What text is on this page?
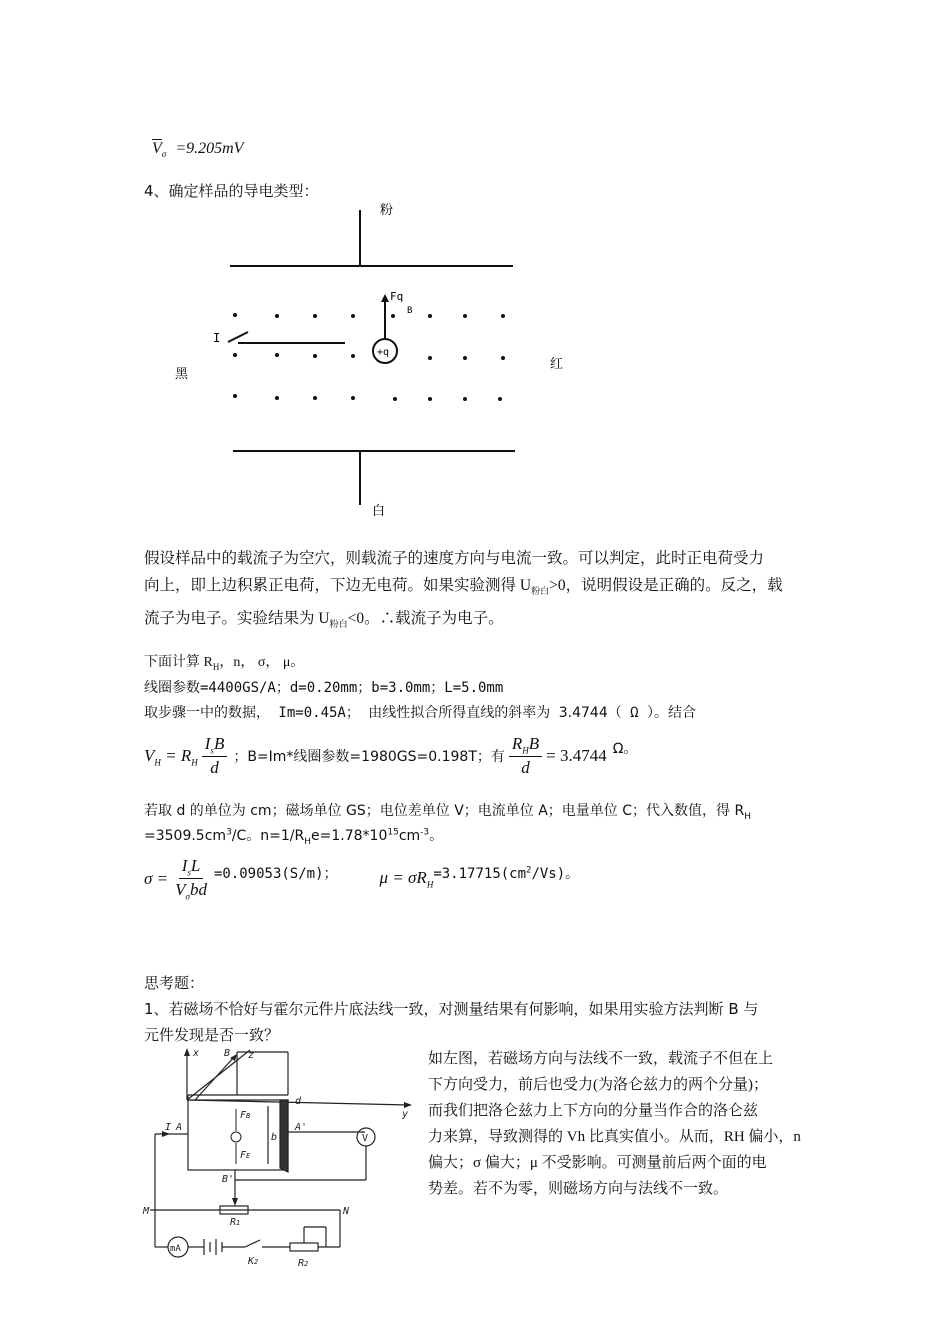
$\overline{V}_\sigma =9.205mV$
4、确定样品的导电类型：
粉
白
黑
红
I
Fq
B
+q
假设样品中的载流子为空穴，则载流子的速度方向与电流一致。可以判定，此时正电荷受力
向上，即上边积累正电荷，下边无电荷。如果实验测得 $U_{粉白}>0$，说明假设是正确的。反之，载
流子为电子。实验结果为 $U_{粉白}<0$。∴载流子为电子。
下面计算 $R_H$，n， σ， μ。
线圈参数=4400GS/A；d=0.20mm；b=3.0mm；L=5.0mm
取步骤一中的数据， Im=0.45A； 由线性拟合所得直线的斜率为 3.4744（ Ω ）。结合
$V_H = R_H \frac{I_sB}{d}$ ；B=Im*线圈参数=1980GS=0.198T；有 $\frac{R_HB}{d} = 3.4744$ Ω。
若取 d 的单位为 cm；磁场单位 GS；电位差单位 V；电流单位 A；电量单位 C；代入数值，得 $R_H$
$=3509.5cm^3/C$。$n=1/R_He=1.78*10^{15}cm^{-3}$。
$\sigma = \frac{I_sL}{V_\sigma bd} =0.09053(S/m)$； $\mu = \sigma R_H$
$=3.17715(cm^2/Vs)$。
思考题：
1、若磁场不恰好与霍尔元件片底法线一致，对测量结果有何影响，如果用实验方法判断 B 与
元件发现是否一致？
如左图，若磁场方向与法线不一致，载流子不但在上
下方向受力，前后也受力(为洛仑兹力的两个分量)；
而我们把洛仑兹力上下方向的分量当作合的洛仑兹
力来算，导致测得的 Vh 比真实值小。从而，RH 偏小，n
偏大；σ 偏大；μ 不受影响。可测量前后两个面的电
势差。若不为零，则磁场方向与法线不一致。
x
y
z
B
d
b
I A	A'
B'
FB
FE
V
M	N
R1
R2
K2
mA
